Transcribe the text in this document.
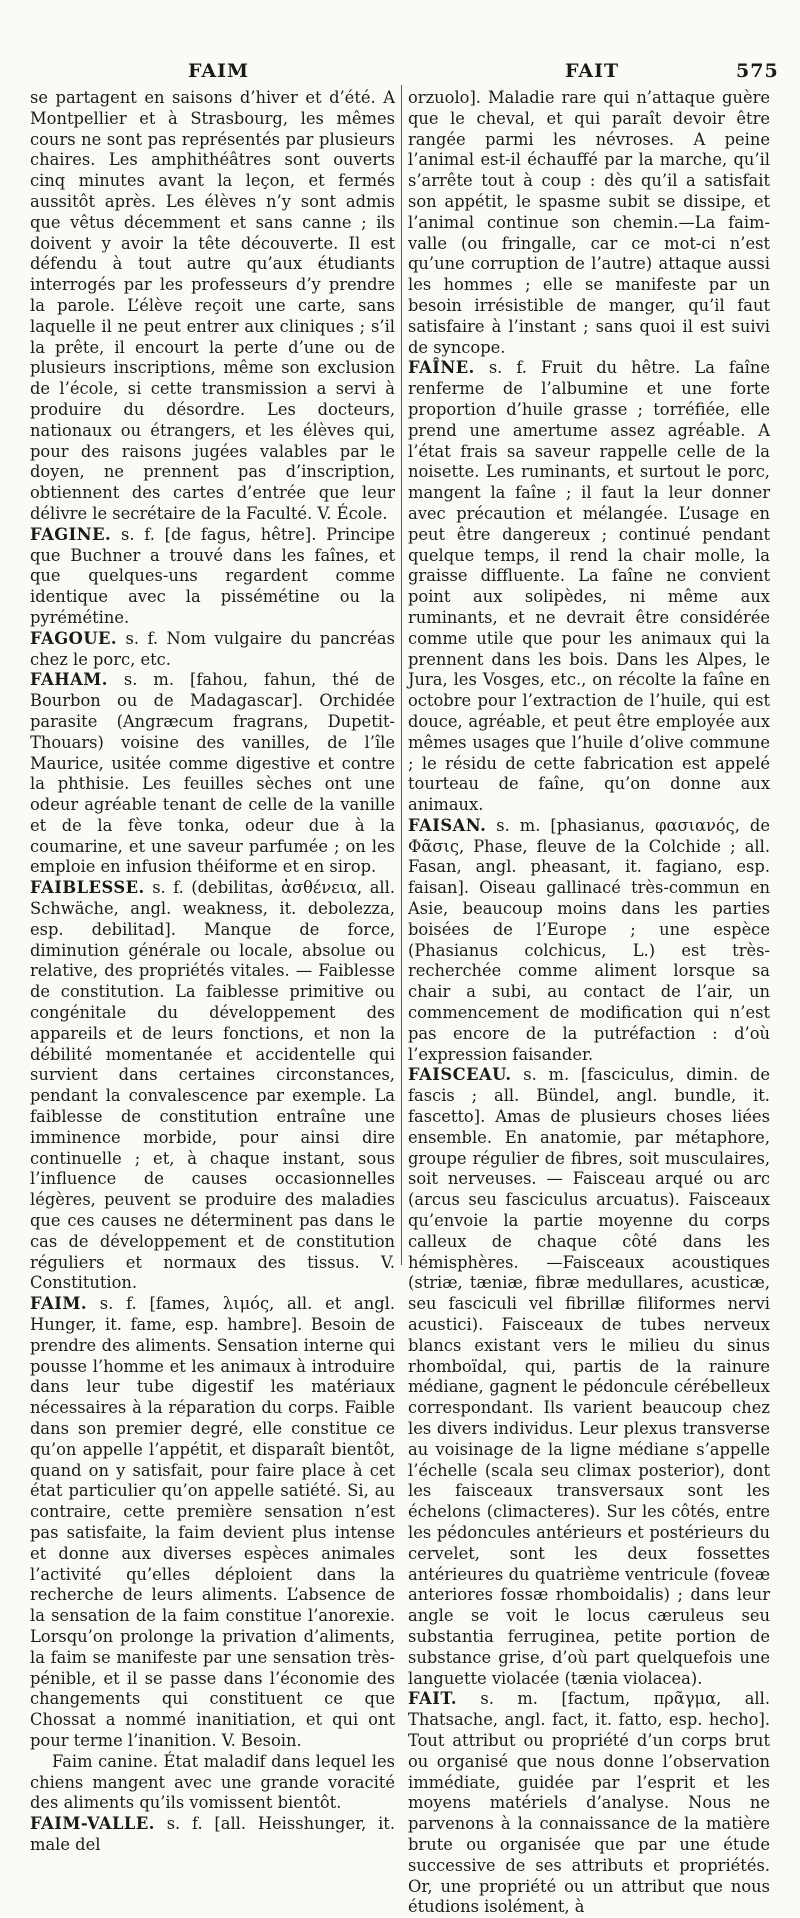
FAIM	FAIT	575

se partagent en saisons d’hiver et d’été. A Montpellier et à Strasbourg, les mêmes cours ne sont pas représentés par plusieurs chaires. Les amphithéâtres sont ouverts cinq minutes avant la leçon, et fermés aussitôt après. Les élèves n’y sont admis que vêtus décemment et sans canne ; ils doivent y avoir la tête découverte. Il est défendu à tout autre qu’aux étudiants interrogés par les professeurs d’y prendre la parole. L’élève reçoit une carte, sans laquelle il ne peut entrer aux cliniques ; s’il la prête, il encourt la perte d’une ou de plusieurs inscriptions, même son exclusion de l’école, si cette transmission a servi à produire du désordre. Les docteurs, nationaux ou étrangers, et les élèves qui, pour des raisons jugées valables par le doyen, ne prennent pas d’inscription, obtiennent des cartes d’entrée que leur délivre le secrétaire de la Faculté. V. École.

FAGINE. s. f. [de fagus, hêtre]. Principe que Buchner a trouvé dans les faînes, et que quelques-uns regardent comme identique avec la pissémétine ou la pyrémétine.

FAGOUE. s. f. Nom vulgaire du pancréas chez le porc, etc.

FAHAM. s. m. [fahou, fahun, thé de Bourbon ou de Madagascar]. Orchidée parasite (Angræcum fragrans, Dupetit-Thouars) voisine des vanilles, de l’île Maurice, usitée comme digestive et contre la phthisie. Les feuilles sèches ont une odeur agréable tenant de celle de la vanille et de la fève tonka, odeur due à la coumarine, et une saveur parfumée ; on les emploie en infusion théiforme et en sirop.

FAIBLESSE. s. f. (debilitas, ἀσθένεια, all. Schwäche, angl. weakness, it. debolezza, esp. debilitad]. Manque de force, diminution générale ou locale, absolue ou relative, des propriétés vitales. — Faiblesse de constitution. La faiblesse primitive ou congénitale du développement des appareils et de leurs fonctions, et non la débilité momentanée et accidentelle qui survient dans certaines circonstances, pendant la convalescence par exemple. La faiblesse de constitution entraîne une imminence morbide, pour ainsi dire continuelle ; et, à chaque instant, sous l’influence de causes occasionnelles légères, peuvent se produire des maladies que ces causes ne déterminent pas dans le cas de développement et de constitution réguliers et normaux des tissus. V. Constitution.

FAIM. s. f. [fames, λιμός, all. et angl. Hunger, it. fame, esp. hambre]. Besoin de prendre des aliments. Sensation interne qui pousse l’homme et les animaux à introduire dans leur tube digestif les matériaux nécessaires à la réparation du corps. Faible dans son premier degré, elle constitue ce qu’on appelle l’appétit, et disparaît bientôt, quand on y satisfait, pour faire place à cet état particulier qu’on appelle satiété. Si, au contraire, cette première sensation n’est pas satisfaite, la faim devient plus intense et donne aux diverses espèces animales l’activité qu’elles déploient dans la recherche de leurs aliments. L’absence de la sensation de la faim constitue l’anorexie. Lorsqu’on prolonge la privation d’aliments, la faim se manifeste par une sensation très-pénible, et il se passe dans l’économie des changements qui constituent ce que Chossat a nommé inanitiation, et qui ont pour terme l’inanition. V. Besoin.

Faim canine. État maladif dans lequel les chiens mangent avec une grande voracité des aliments qu’ils vomissent bientôt.

FAIM-VALLE. s. f. [all. Heisshunger, it. male del

orzuolo]. Maladie rare qui n’attaque guère que le cheval, et qui paraît devoir être rangée parmi les névroses. A peine l’animal est-il échauffé par la marche, qu’il s’arrête tout à coup : dès qu’il a satisfait son appétit, le spasme subit se dissipe, et l’animal continue son chemin.—La faim-valle (ou fringalle, car ce mot-ci n’est qu’une corruption de l’autre) attaque aussi les hommes ; elle se manifeste par un besoin irrésistible de manger, qu’il faut satisfaire à l’instant ; sans quoi il est suivi de syncope.

FAÎNE. s. f. Fruit du hêtre. La faîne renferme de l’albumine et une forte proportion d’huile grasse ; torréfiée, elle prend une amertume assez agréable. A l’état frais sa saveur rappelle celle de la noisette. Les ruminants, et surtout le porc, mangent la faîne ; il faut la leur donner avec précaution et mélangée. L’usage en peut être dangereux ; continué pendant quelque temps, il rend la chair molle, la graisse diffluente. La faîne ne convient point aux solipèdes, ni même aux ruminants, et ne devrait être considérée comme utile que pour les animaux qui la prennent dans les bois. Dans les Alpes, le Jura, les Vosges, etc., on récolte la faîne en octobre pour l’extraction de l’huile, qui est douce, agréable, et peut être employée aux mêmes usages que l’huile d’olive commune ; le résidu de cette fabrication est appelé tourteau de faîne, qu’on donne aux animaux.

FAISAN. s. m. [phasianus, φασιανός, de Φᾶσις, Phase, fleuve de la Colchide ; all. Fasan, angl. pheasant, it. fagiano, esp. faisan]. Oiseau gallinacé très-commun en Asie, beaucoup moins dans les parties boisées de l’Europe ; une espèce (Phasianus colchicus, L.) est très-recherchée comme aliment lorsque sa chair a subi, au contact de l’air, un commencement de modification qui n’est pas encore de la putréfaction : d’où l’expression faisander.

FAISCEAU. s. m. [fasciculus, dimin. de fascis ; all. Bündel, angl. bundle, it. fascetto]. Amas de plusieurs choses liées ensemble. En anatomie, par métaphore, groupe régulier de fibres, soit musculaires, soit nerveuses. — Faisceau arqué ou arc (arcus seu fasciculus arcuatus). Faisceaux qu’envoie la partie moyenne du corps calleux de chaque côté dans les hémisphères. —Faisceaux acoustiques (striæ, tæniæ, fibræ medullares, acusticæ, seu fasciculi vel fibrillæ filiformes nervi acustici). Faisceaux de tubes nerveux blancs existant vers le milieu du sinus rhomboïdal, qui, partis de la rainure médiane, gagnent le pédoncule cérébelleux correspondant. Ils varient beaucoup chez les divers individus. Leur plexus transverse au voisinage de la ligne médiane s’appelle l’échelle (scala seu climax posterior), dont les faisceaux transversaux sont les échelons (climacteres). Sur les côtés, entre les pédoncules antérieurs et postérieurs du cervelet, sont les deux fossettes antérieures du quatrième ventricule (foveæ anteriores fossæ rhomboidalis) ; dans leur angle se voit le locus cæruleus seu substantia ferruginea, petite portion de substance grise, d’où part quelquefois une languette violacée (tænia violacea).

FAIT. s. m. [factum, πρᾶγμα, all. Thatsache, angl. fact, it. fatto, esp. hecho]. Tout attribut ou propriété d’un corps brut ou organisé que nous donne l’observation immédiate, guidée par l’esprit et les moyens matériels d’analyse. Nous ne parvenons à la connaissance de la matière brute ou organisée que par une étude successive de ses attributs et propriétés. Or, une propriété ou un attribut que nous étudions isolément, à
